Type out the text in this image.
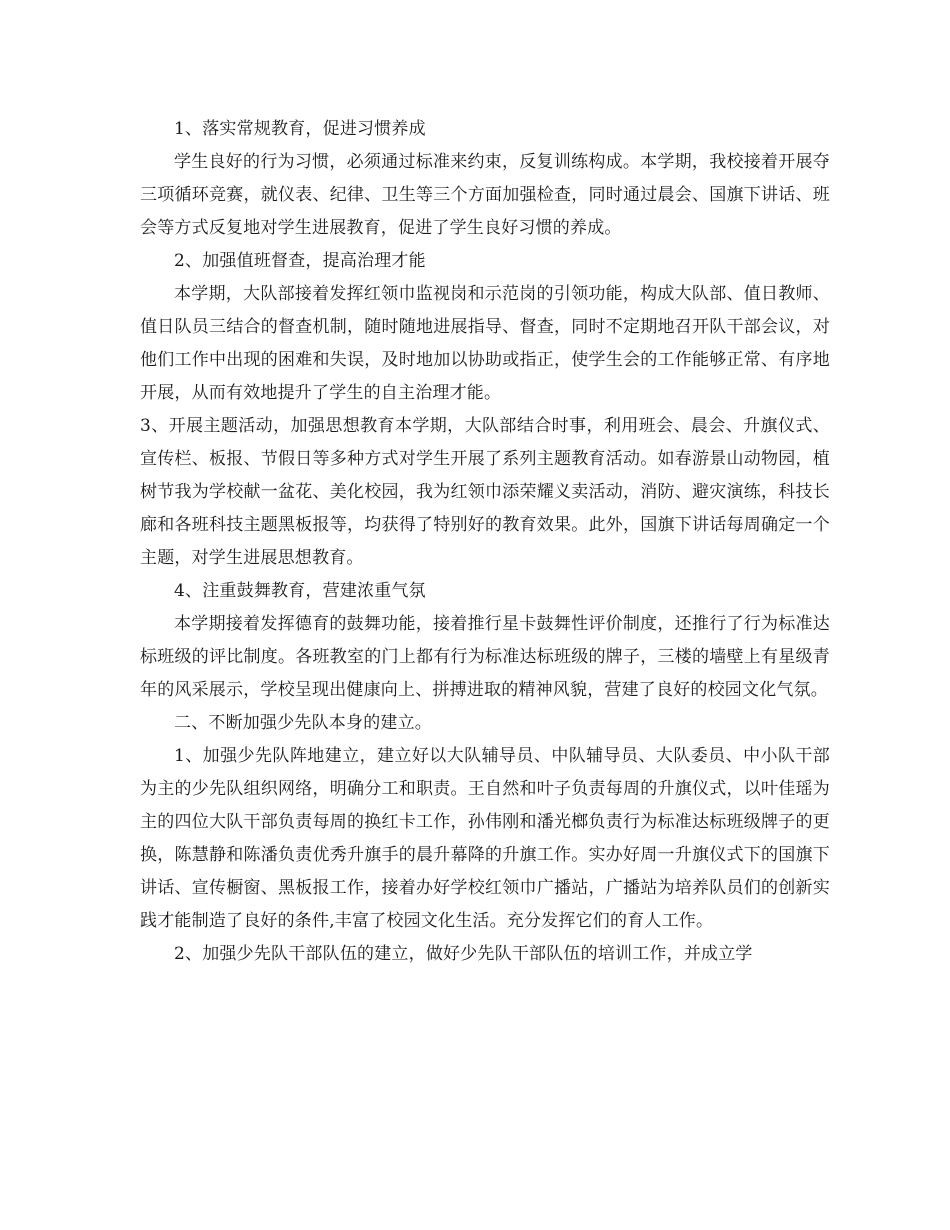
1、落实常规教育，促进习惯养成

学生良好的行为习惯，必须通过标准来约束，反复训练构成。本学期，我校接着开展夺三项循环竞赛，就仪表、纪律、卫生等三个方面加强检查，同时通过晨会、国旗下讲话、班会等方式反复地对学生进展教育，促进了学生良好习惯的养成。

2、加强值班督查，提高治理才能

本学期，大队部接着发挥红领巾监视岗和示范岗的引领功能，构成大队部、值日教师、值日队员三结合的督查机制，随时随地进展指导、督查，同时不定期地召开队干部会议，对他们工作中出现的困难和失误，及时地加以协助或指正，使学生会的工作能够正常、有序地开展，从而有效地提升了学生的自主治理才能。

3、开展主题活动，加强思想教育本学期，大队部结合时事，利用班会、晨会、升旗仪式、宣传栏、板报、节假日等多种方式对学生开展了系列主题教育活动。如春游景山动物园，植树节我为学校献一盆花、美化校园，我为红领巾添荣耀义卖活动，消防、避灾演练，科技长廊和各班科技主题黑板报等，均获得了特别好的教育效果。此外，国旗下讲话每周确定一个主题，对学生进展思想教育。

4、注重鼓舞教育，营建浓重气氛

本学期接着发挥德育的鼓舞功能，接着推行星卡鼓舞性评价制度，还推行了行为标准达标班级的评比制度。各班教室的门上都有行为标准达标班级的牌子，三楼的墙壁上有星级青年的风采展示，学校呈现出健康向上、拼搏进取的精神风貌，营建了良好的校园文化气氛。

二、不断加强少先队本身的建立。

1、加强少先队阵地建立，建立好以大队辅导员、中队辅导员、大队委员、中小队干部为主的少先队组织网络，明确分工和职责。王自然和叶子负责每周的升旗仪式，以叶佳瑶为主的四位大队干部负责每周的换红卡工作，孙伟刚和潘光榔负责行为标准达标班级牌子的更换，陈慧静和陈潘负责优秀升旗手的晨升幕降的升旗工作。实办好周一升旗仪式下的国旗下讲话、宣传橱窗、黑板报工作，接着办好学校红领巾广播站，广播站为培养队员们的创新实践才能制造了良好的条件,丰富了校园文化生活。充分发挥它们的育人工作。

2、加强少先队干部队伍的建立，做好少先队干部队伍的培训工作，并成立学
